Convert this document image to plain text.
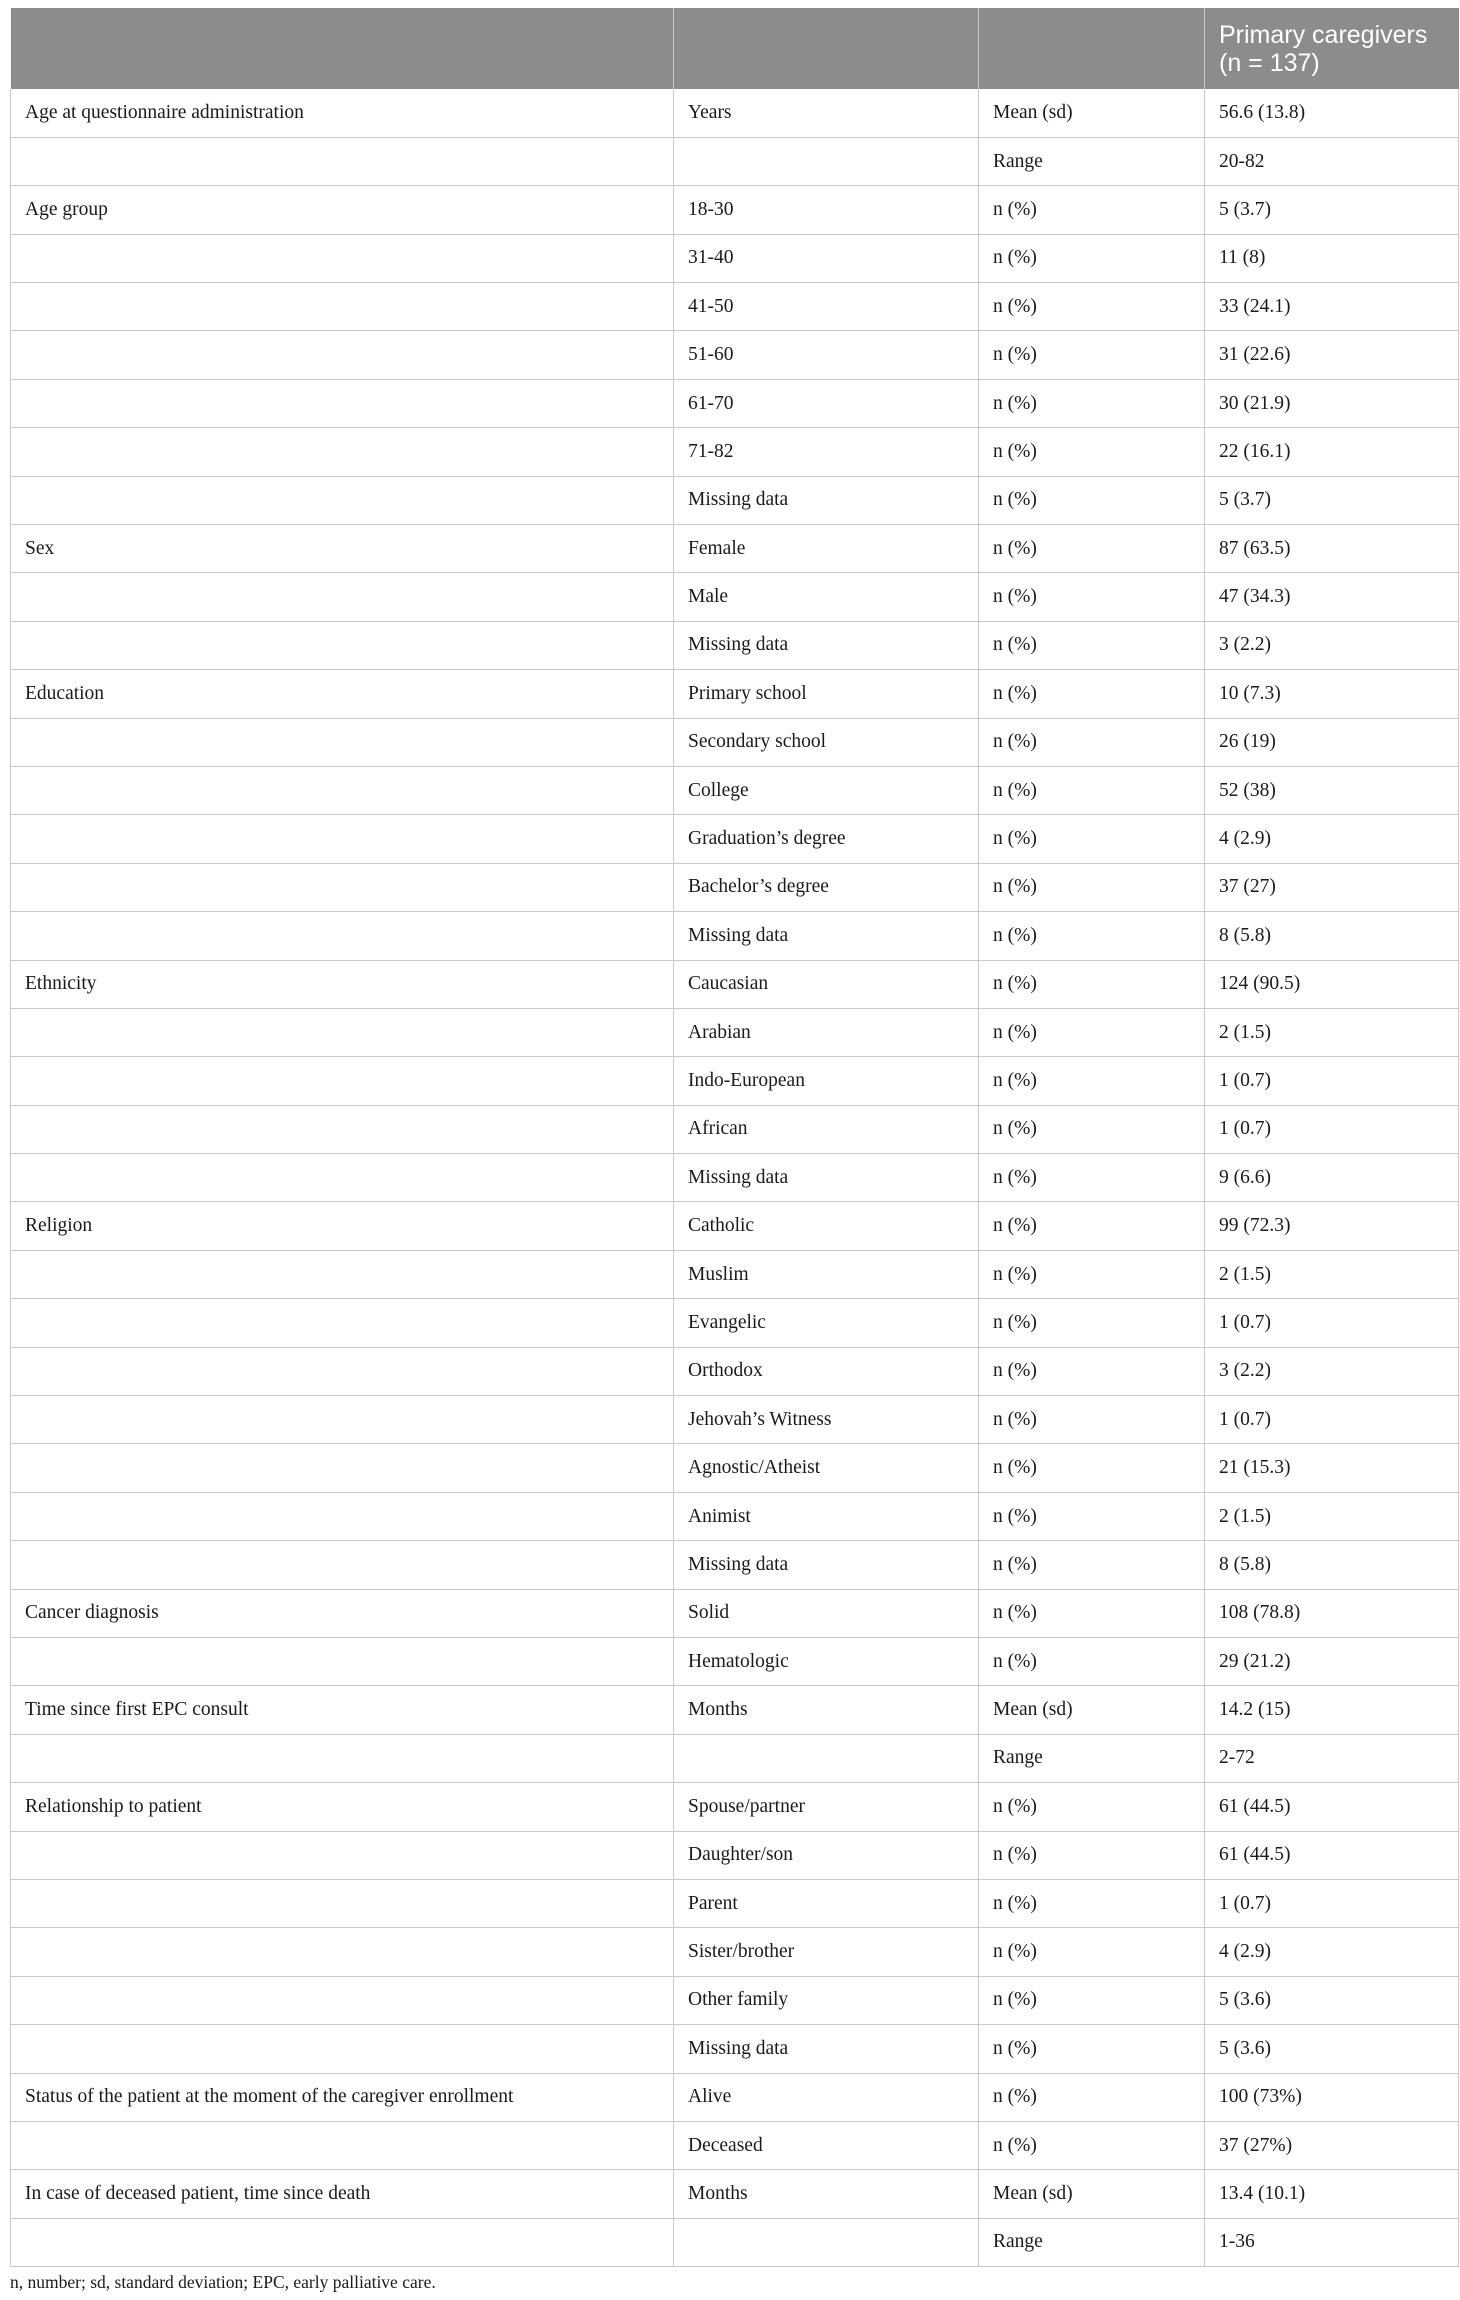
			Primary caregivers
(n = 137)

Age at questionnaire administration	Years	Mean (sd)	56.6 (13.8)
		Range	20-82
Age group	18-30	n (%)	5 (3.7)
	31-40	n (%)	11 (8)
	41-50	n (%)	33 (24.1)
	51-60	n (%)	31 (22.6)
	61-70	n (%)	30 (21.9)
	71-82	n (%)	22 (16.1)
	Missing data	n (%)	5 (3.7)
Sex	Female	n (%)	87 (63.5)
	Male	n (%)	47 (34.3)
	Missing data	n (%)	3 (2.2)
Education	Primary school	n (%)	10 (7.3)
	Secondary school	n (%)	26 (19)
	College	n (%)	52 (38)
	Graduation’s degree	n (%)	4 (2.9)
	Bachelor’s degree	n (%)	37 (27)
	Missing data	n (%)	8 (5.8)
Ethnicity	Caucasian	n (%)	124 (90.5)
	Arabian	n (%)	2 (1.5)
	Indo-European	n (%)	1 (0.7)
	African	n (%)	1 (0.7)
	Missing data	n (%)	9 (6.6)
Religion	Catholic	n (%)	99 (72.3)
	Muslim	n (%)	2 (1.5)
	Evangelic	n (%)	1 (0.7)
	Orthodox	n (%)	3 (2.2)
	Jehovah’s Witness	n (%)	1 (0.7)
	Agnostic/Atheist	n (%)	21 (15.3)
	Animist	n (%)	2 (1.5)
	Missing data	n (%)	8 (5.8)
Cancer diagnosis	Solid	n (%)	108 (78.8)
	Hematologic	n (%)	29 (21.2)
Time since first EPC consult	Months	Mean (sd)	14.2 (15)
		Range	2-72
Relationship to patient	Spouse/partner	n (%)	61 (44.5)
	Daughter/son	n (%)	61 (44.5)
	Parent	n (%)	1 (0.7)
	Sister/brother	n (%)	4 (2.9)
	Other family	n (%)	5 (3.6)
	Missing data	n (%)	5 (3.6)
Status of the patient at the moment of the caregiver enrollment	Alive	n (%)	100 (73%)
	Deceased	n (%)	37 (27%)
In case of deceased patient, time since death	Months	Mean (sd)	13.4 (10.1)
		Range	1-36
n, number; sd, standard deviation; EPC, early palliative care.
